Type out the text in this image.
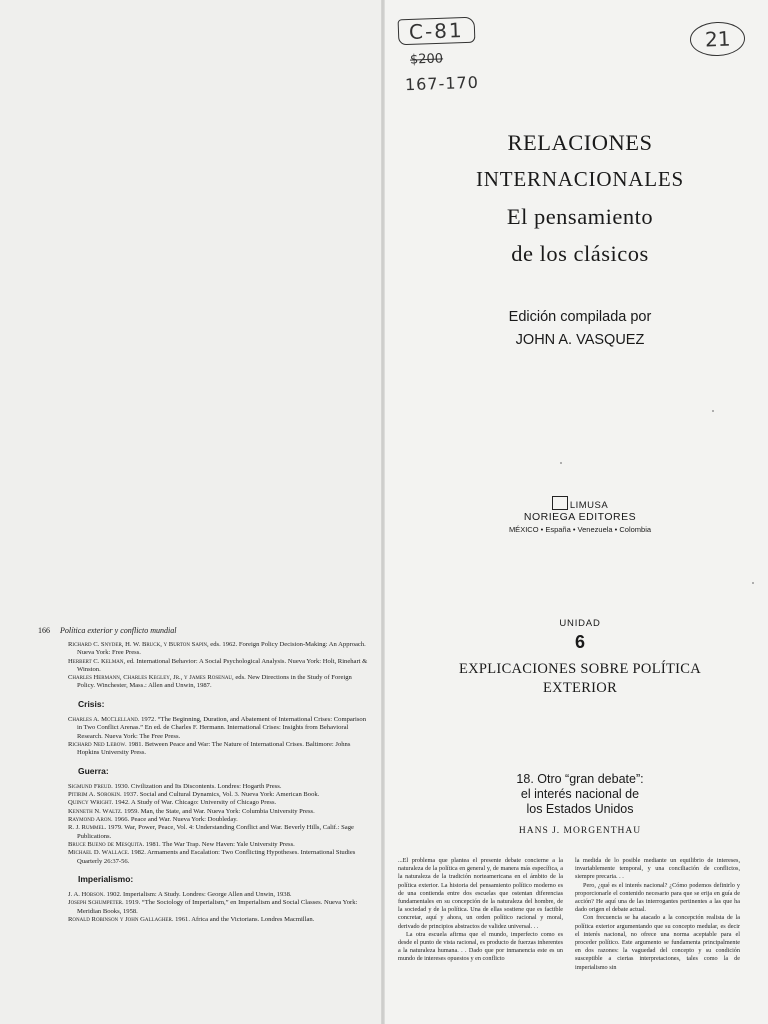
166 Política exterior y conflicto mundial

Richard C. Snyder, H. W. Bruck, y Burton Sapin, eds. 1962. Foreign Policy Decision-Making: An Approach. Nueva York: Free Press.

Herbert C. Kelman, ed. International Behavior: A Social Psychological Analysis. Nueva York: Holt, Rinehart & Winston.

Charles Hermann, Charles Kegley, Jr., y James Rosenau, eds. New Directions in the Study of Foreign Policy. Winchester, Mass.: Allen and Unwin, 1987.

Crisis:

Charles A. McClelland. 1972. “The Beginning, Duration, and Abatement of International Crises: Comparison in Two Conflict Arenas.” En ed. de Charles F. Hermann. International Crises: Insights from Behavioral Research. Nueva York: The Free Press.

Richard Ned Lebow. 1981. Between Peace and War: The Nature of International Crises. Baltimore: Johns Hopkins University Press.

Guerra:

Sigmund Freud. 1930. Civilization and Its Discontents. Londres: Hogarth Press.

Pitirim A. Sorokin. 1937. Social and Cultural Dynamics, Vol. 3. Nueva York: American Book.

Quincy Wright. 1942. A Study of War. Chicago: University of Chicago Press.

Kenneth N. Waltz. 1959. Man, the State, and War. Nueva York: Columbia University Press.

Raymond Aron. 1966. Peace and War. Nueva York: Doubleday.

R. J. Rummel. 1979. War, Power, Peace, Vol. 4: Understanding Conflict and War. Beverly Hills, Calif.: Sage Publications.

Bruce Bueno de Mesquita. 1981. The War Trap. New Haven: Yale University Press.

Michael D. Wallace. 1982. Armaments and Escalation: Two Conflicting Hypotheses. International Studies Quarterly 26:37-56.

Imperialismo:

J. A. Hobson. 1902. Imperialism: A Study. Londres: George Allen and Unwin, 1938.

Joseph Schumpeter. 1919. “The Sociology of Imperialism,” en Imperialism and Social Classes. Nueva York: Meridian Books, 1958.

Ronald Robinson y John Gallagher. 1961. Africa and the Victorians. Londres Macmillan.

C-81
$200
167-170
21
RELACIONES
INTERNACIONALES
El pensamiento
de los clásicos
Edición compilada por
JOHN A. VASQUEZ
LIMUSA
NORIEGA EDITORES
MÉXICO • España • Venezuela • Colombia
UNIDAD
6
EXPLICACIONES SOBRE POLÍTICA
EXTERIOR
18. Otro “gran debate”:
el interés nacional de
los Estados Unidos
HANS J. MORGENTHAU

...El problema que plantea el presente debate concierne a la naturaleza de la política en general y, de manera más específica, a la naturaleza de la tradición norteamericana en el ámbito de la política exterior. La historia del pensamiento político moderno es de una contienda entre dos escuelas que ostentan diferencias fundamentales en su concepción de la naturaleza del hombre, de la sociedad y de la política. Una de ellas sostiene que es factible concretar, aquí y ahora, un orden político racional y moral, derivado de principios abstractos de validez universal. . .

La otra escuela afirma que el mundo, imperfecto como es desde el punto de vista racional, es producto de fuerzas inherentes a la naturaleza humana. . . Dado que por inmanencia este es un mundo de intereses opuestos y en conflicto

la medida de lo posible mediante un equilibrio de intereses, invariablemente temporal, y una conciliación de conflictos, siempre precaria. . .

Pero, ¿qué es el interés nacional? ¿Cómo podemos definirlo y proporcionarle el contenido necesario para que se erija en guía de acción? He aquí una de las interrogantes pertinentes a las que ha dado origen el debate actual.

Con frecuencia se ha atacado a la concepción realista de la política exterior argumentando que su concepto medular, es decir el interés nacional, no ofrece una norma aceptable para el proceder político. Este argumento se fundamenta principalmente en dos razones: la vaguedad del concepto y su condición susceptible a ciertas interpretaciones, tales como la de imperialismo sin
